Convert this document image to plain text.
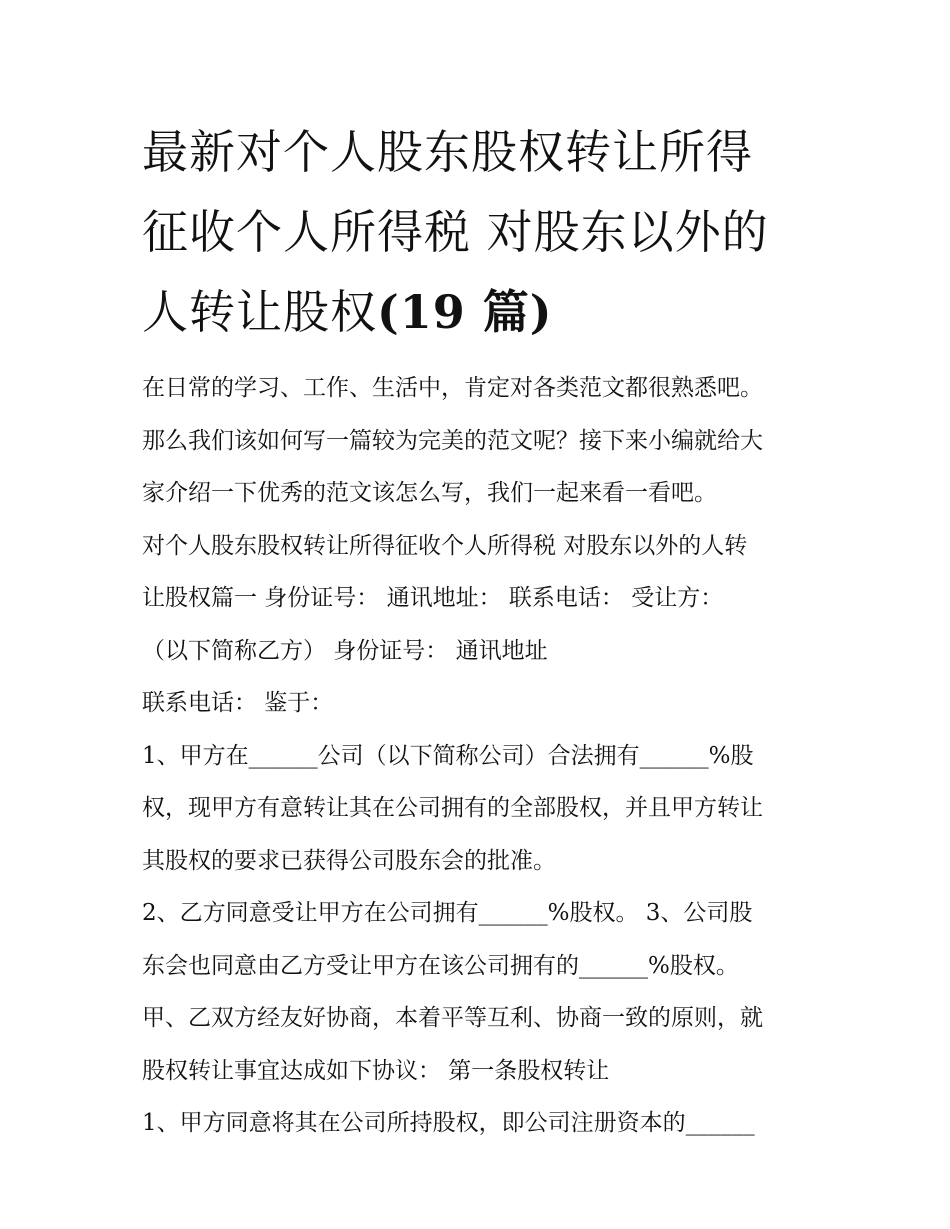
最新对个人股东股权转让所得
征收个人所得税 对股东以外的
人转让股权(19 篇)
在日常的学习、工作、生活中，肯定对各类范文都很熟悉吧。
那么我们该如何写一篇较为完美的范文呢？接下来小编就给大
家介绍一下优秀的范文该怎么写，我们一起来看一看吧。
对个人股东股权转让所得征收个人所得税 对股东以外的人转
让股权篇一 身份证号： 通讯地址： 联系电话： 受让方：
（以下简称乙方） 身份证号： 通讯地址
联系电话： 鉴于：
1、甲方在______公司（以下简称公司）合法拥有______%股
权，现甲方有意转让其在公司拥有的全部股权，并且甲方转让
其股权的要求已获得公司股东会的批准。
2、乙方同意受让甲方在公司拥有______%股权。 3、公司股
东会也同意由乙方受让甲方在该公司拥有的______%股权。
甲、乙双方经友好协商，本着平等互利、协商一致的原则，就
股权转让事宜达成如下协议： 第一条股权转让
1、甲方同意将其在公司所持股权，即公司注册资本的______
